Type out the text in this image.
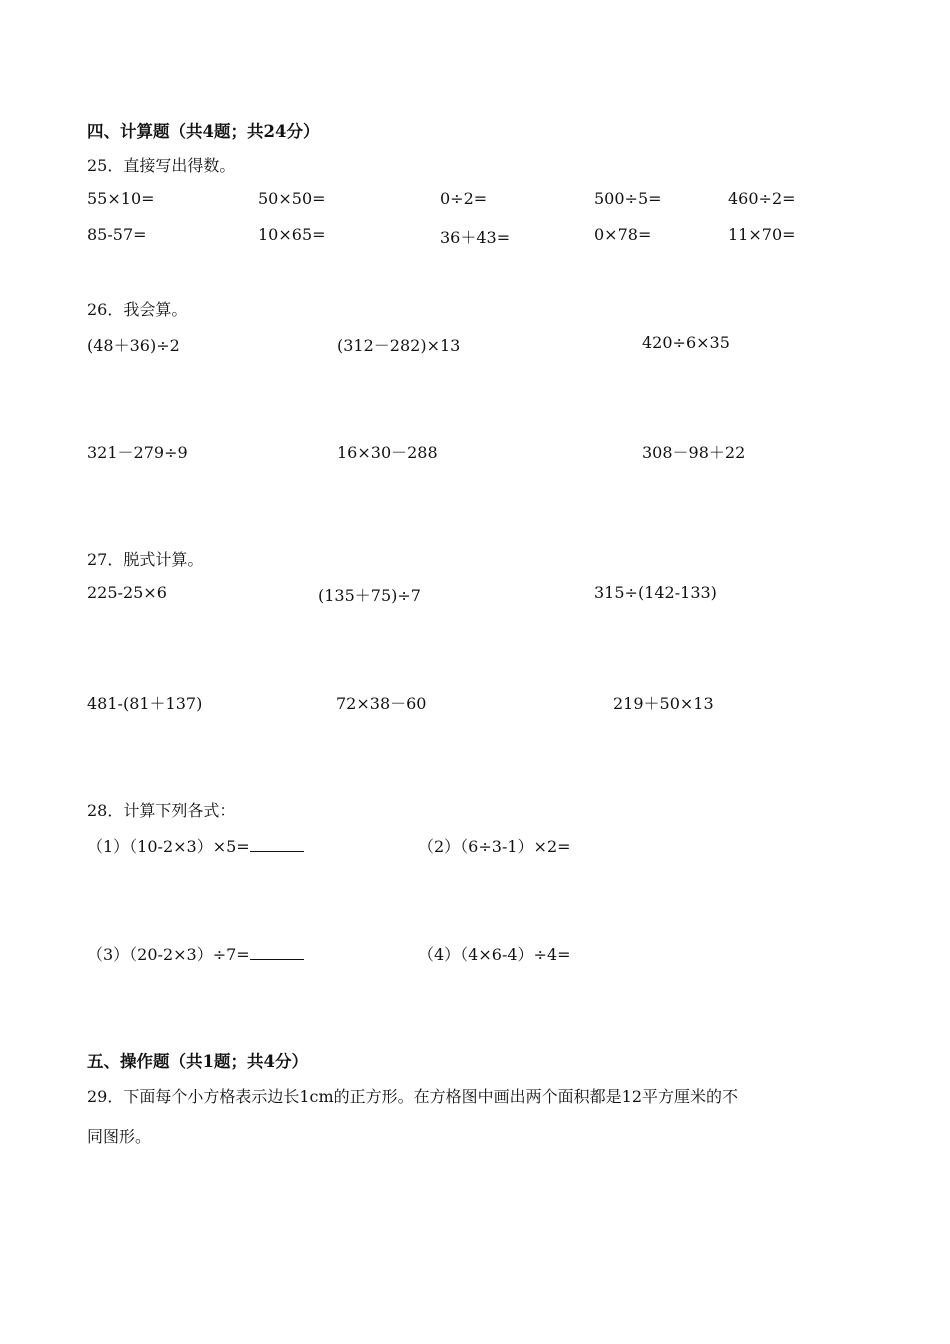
四、计算题（共4题；共24分）
25．直接写出得数。
55×10=	50×50=	0÷2=	500÷5=	460÷2=
85-57=	10×65=	36＋43=	0×78=	11×70=
26．我会算。
(48＋36)÷2	(312－282)×13	420÷6×35
321－279÷9	16×30－288	308－98＋22
27．脱式计算。
225-25×6	(135＋75)÷7	315÷(142-133)
481-(81＋137)	72×38－60	219＋50×13
28．计算下列各式：
（1）（10-2×3）×5=	（2）（6÷3-1）×2=
（3）（20-2×3）÷7=	（4）（4×6-4）÷4=
五、操作题（共1题；共4分）
29．下面每个小方格表示边长1cm的正方形。在方格图中画出两个面积都是12平方厘米的不
同图形。
